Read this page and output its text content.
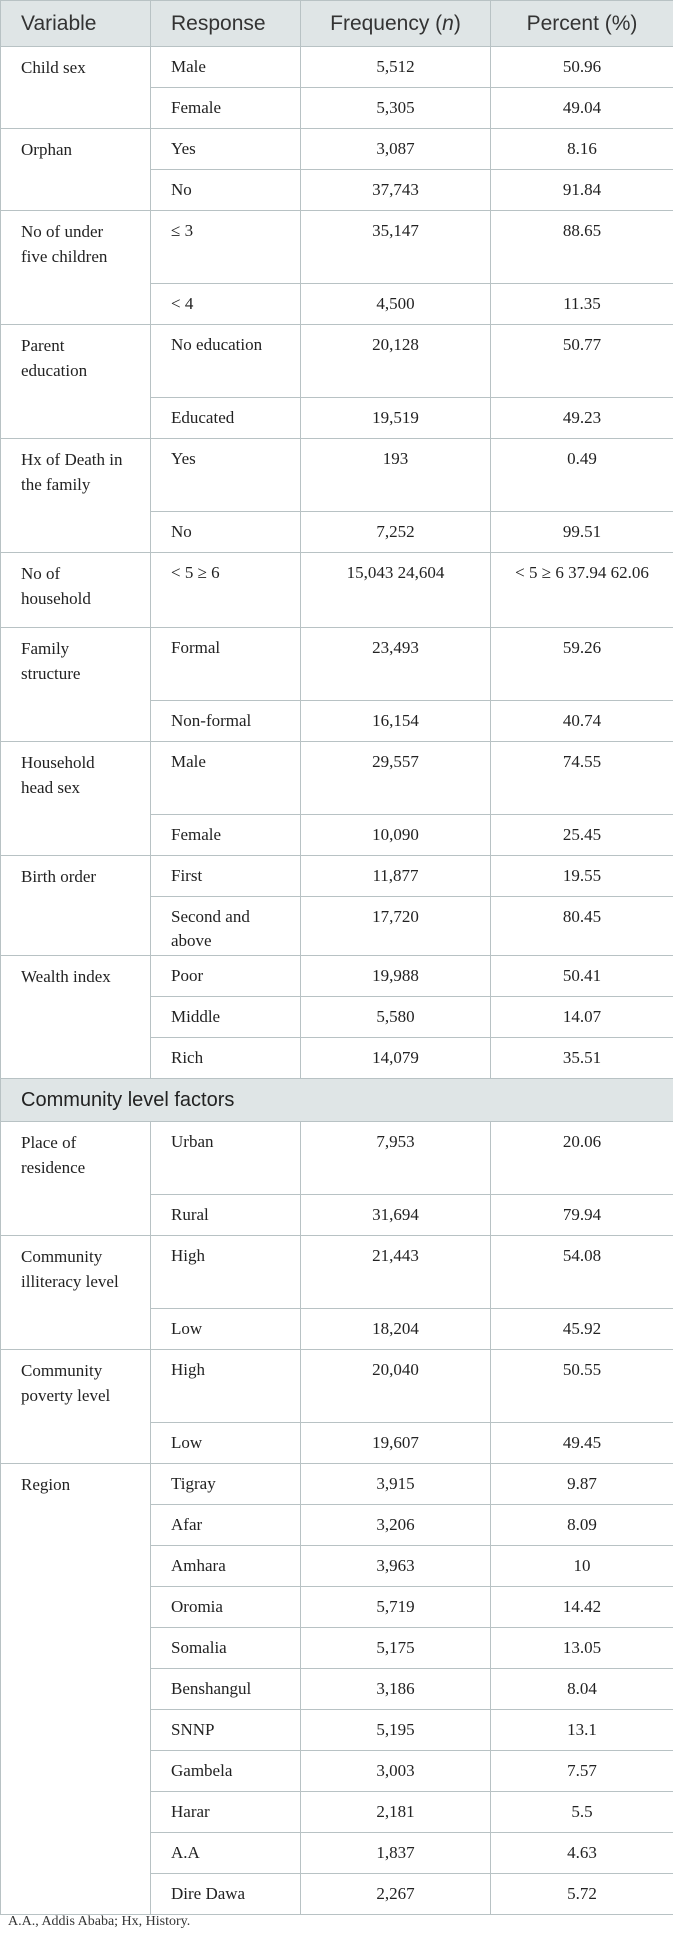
Variable	Response	Frequency (n)	Percent (%)
Child sex	Male	5,512	50.96
	Female	5,305	49.04
Orphan	Yes	3,087	8.16
	No	37,743	91.84
No of under five children	≤ 3	35,147	88.65
	< 4	4,500	11.35
Parent education	No education	20,128	50.77
	Educated	19,519	49.23
Hx of Death in the family	Yes	193	0.49
	No	7,252	99.51
No of household	< 5 ≥ 6	15,043 24,604	< 5 ≥ 6 37.94 62.06
Family structure	Formal	23,493	59.26
	Non-formal	16,154	40.74
Household head sex	Male	29,557	74.55
	Female	10,090	25.45
Birth order	First	11,877	19.55
	Second and above	17,720	80.45
Wealth index	Poor	19,988	50.41
	Middle	5,580	14.07
	Rich	14,079	35.51
Community level factors			
Place of residence	Urban	7,953	20.06
	Rural	31,694	79.94
Community illiteracy level	High	21,443	54.08
	Low	18,204	45.92
Community poverty level	High	20,040	50.55
	Low	19,607	49.45
Region	Tigray	3,915	9.87
	Afar	3,206	8.09
	Amhara	3,963	10
	Oromia	5,719	14.42
	Somalia	5,175	13.05
	Benshangul	3,186	8.04
	SNNP	5,195	13.1
	Gambela	3,003	7.57
	Harar	2,181	5.5
	A.A	1,837	4.63
	Dire Dawa	2,267	5.72
A.A., Addis Ababa; Hx, History.
